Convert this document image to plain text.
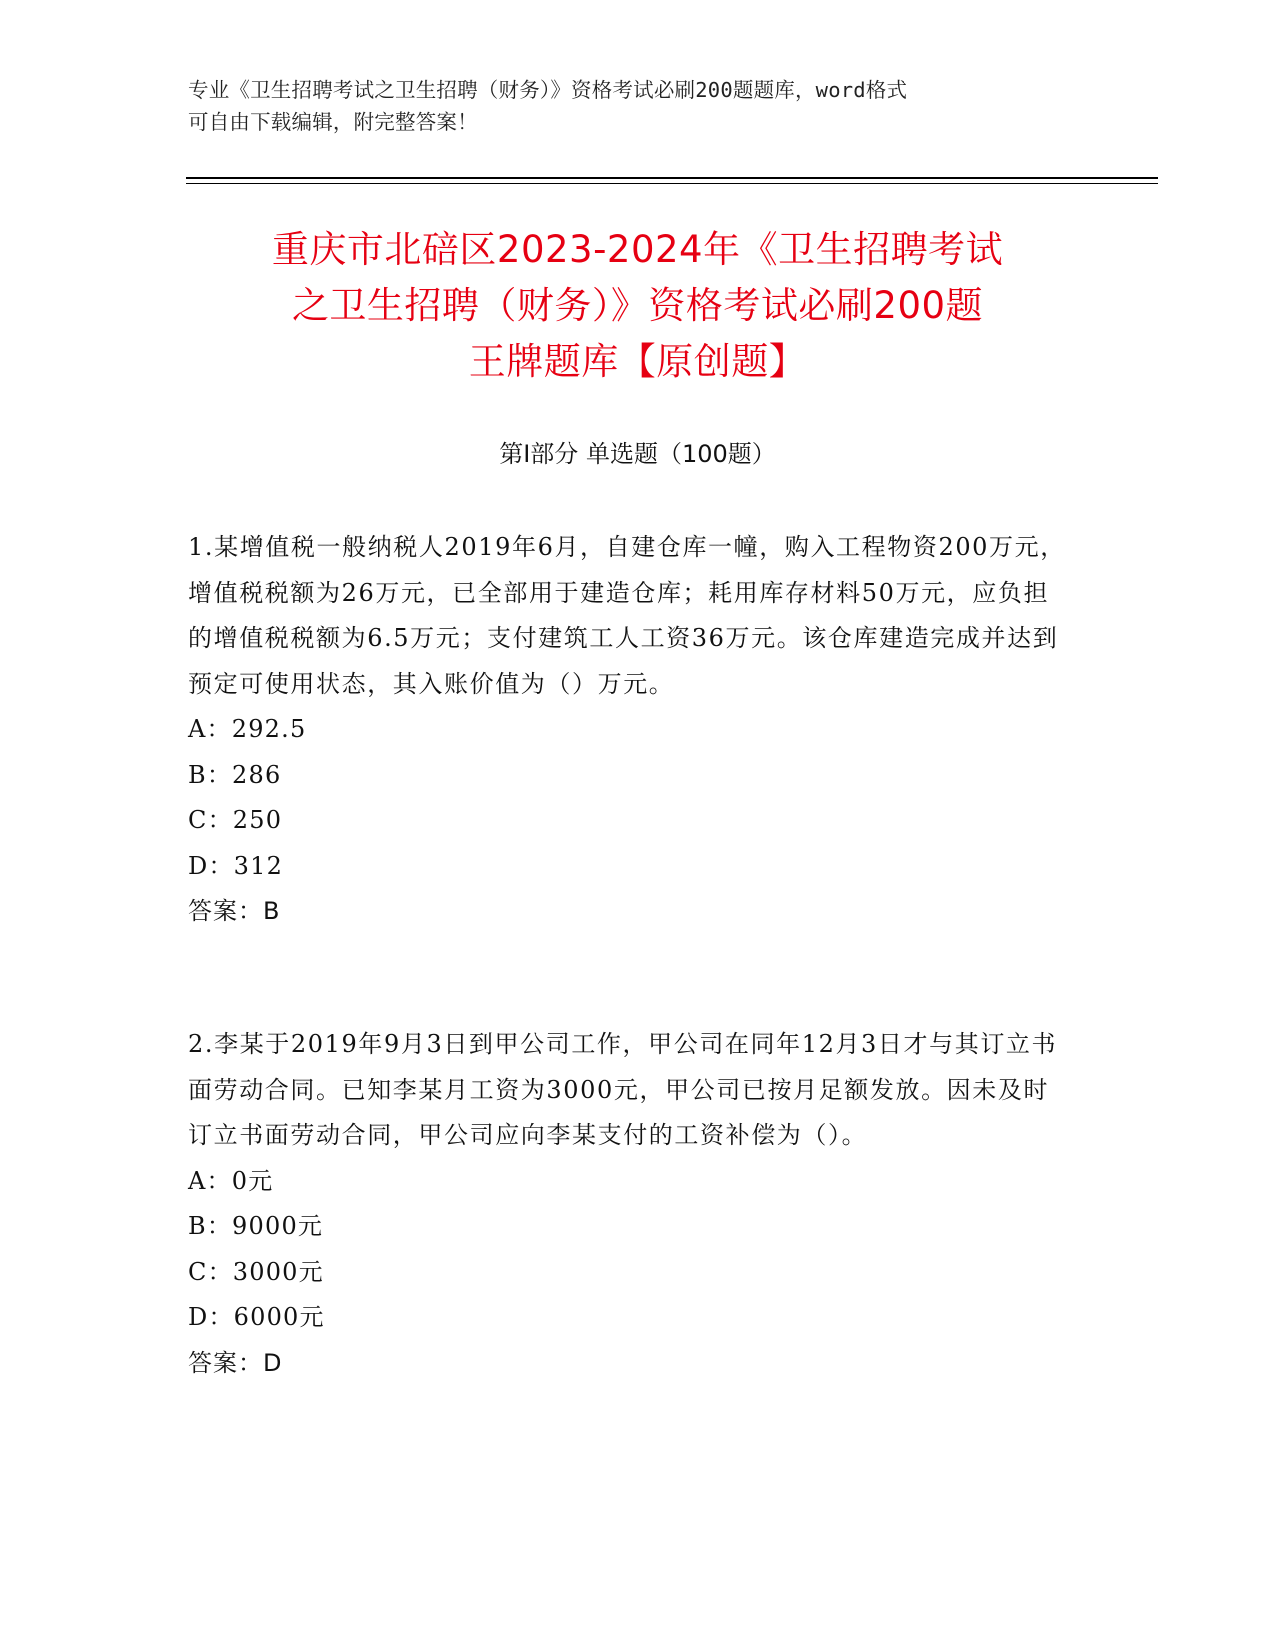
专业《卫生招聘考试之卫生招聘（财务）》资格考试必刷200题题库，word格式
可自由下载编辑，附完整答案！
重庆市北碚区2023-2024年《卫生招聘考试
之卫生招聘（财务）》资格考试必刷200题
王牌题库【原创题】
第Ⅰ部分 单选题（100题）
1.某增值税一般纳税人2019年6月，自建仓库一幢，购入工程物资200万元，增值税税额为26万元，已全部用于建造仓库；耗用库存材料50万元，应负担的增值税税额为6.5万元；支付建筑工人工资36万元。该仓库建造完成并达到预定可使用状态，其入账价值为（）万元。
A：292.5
B：286
C：250
D：312
答案：B
2.李某于2019年9月3日到甲公司工作，甲公司在同年12月3日才与其订立书面劳动合同。已知李某月工资为3000元，甲公司已按月足额发放。因未及时订立书面劳动合同，甲公司应向李某支付的工资补偿为（）。
A：0元
B：9000元
C：3000元
D：6000元
答案：D
